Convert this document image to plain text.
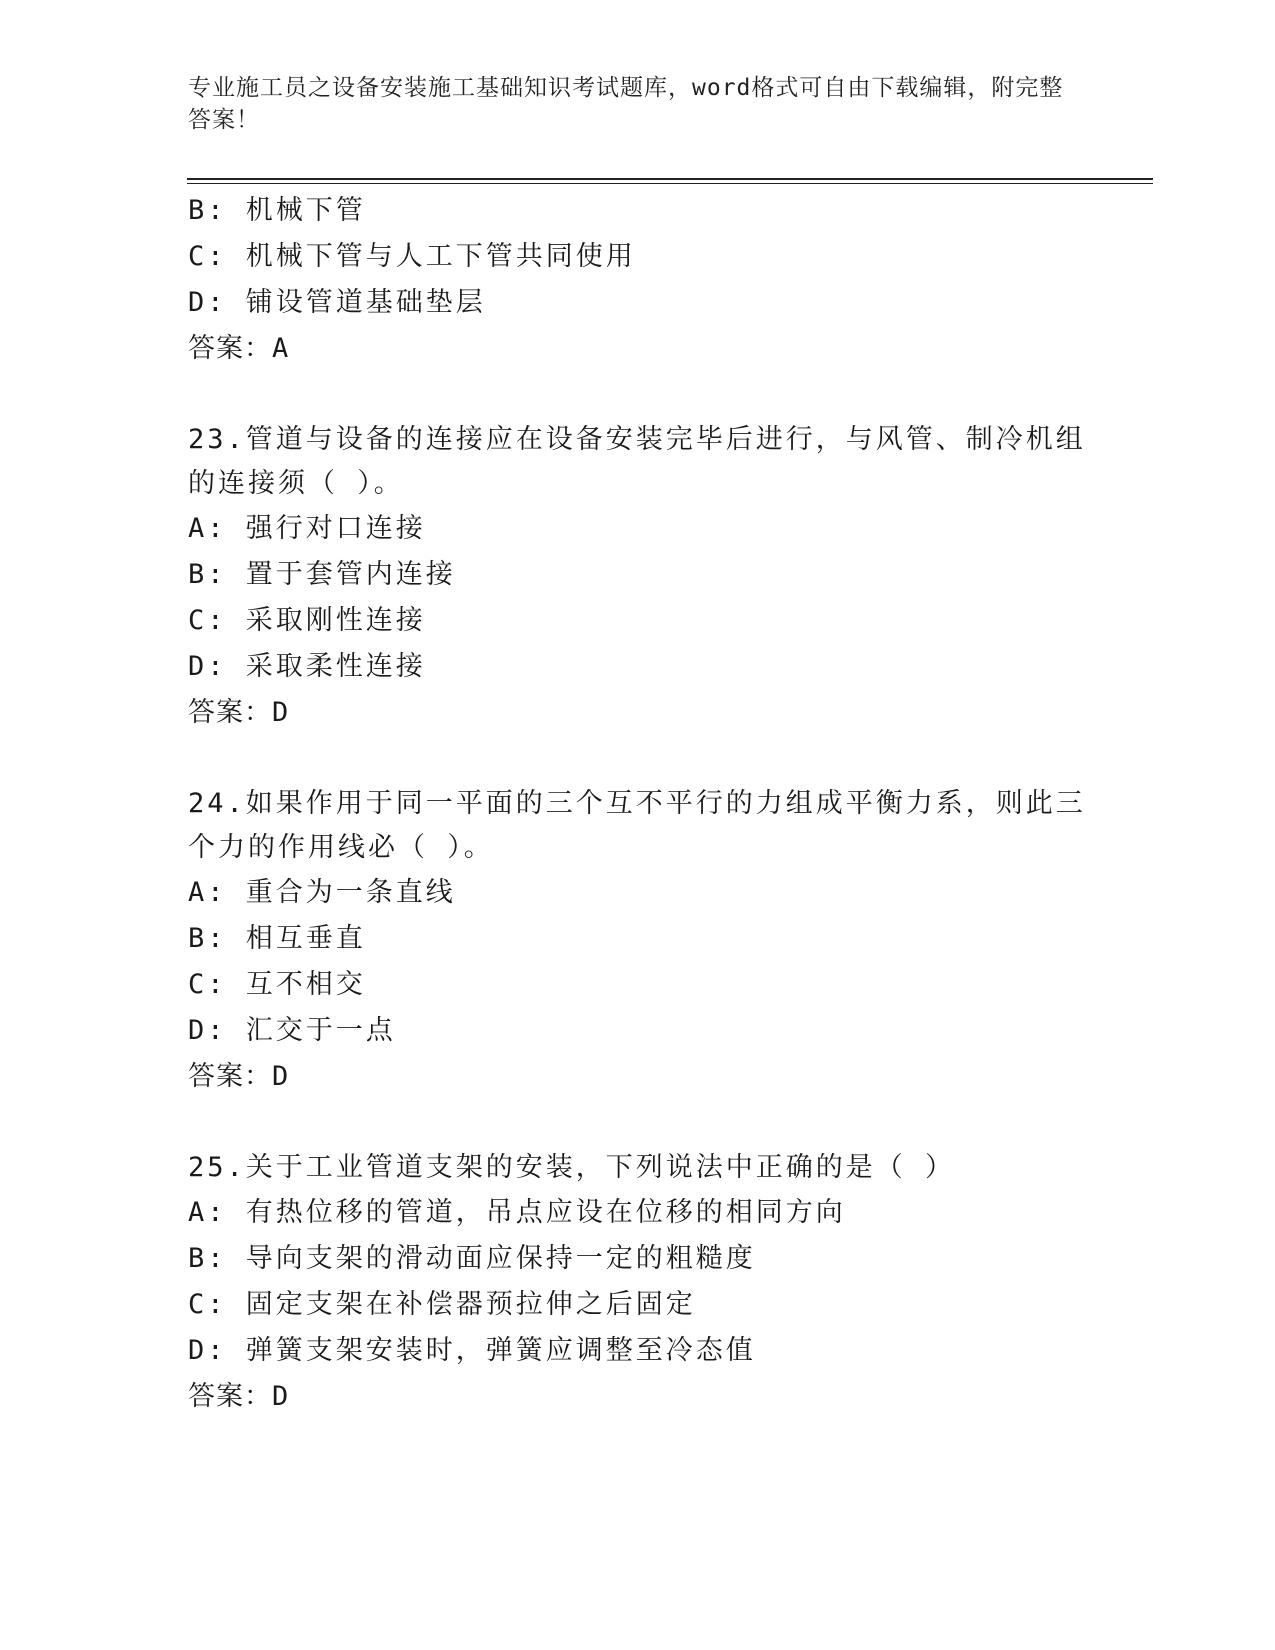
专业施工员之设备安装施工基础知识考试题库，word格式可自由下载编辑，附完整答案！
B: 机械下管
C: 机械下管与人工下管共同使用
D: 铺设管道基础垫层
答案：A
23.管道与设备的连接应在设备安装完毕后进行，与风管、制冷机组的连接须（ ）。
A: 强行对口连接
B: 置于套管内连接
C: 采取刚性连接
D: 采取柔性连接
答案：D
24.如果作用于同一平面的三个互不平行的力组成平衡力系，则此三个力的作用线必（ ）。
A: 重合为一条直线
B: 相互垂直
C: 互不相交
D: 汇交于一点
答案：D
25.关于工业管道支架的安装，下列说法中正确的是（ ）
A: 有热位移的管道，吊点应设在位移的相同方向
B: 导向支架的滑动面应保持一定的粗糙度
C: 固定支架在补偿器预拉伸之后固定
D: 弹簧支架安装时，弹簧应调整至冷态值
答案：D
